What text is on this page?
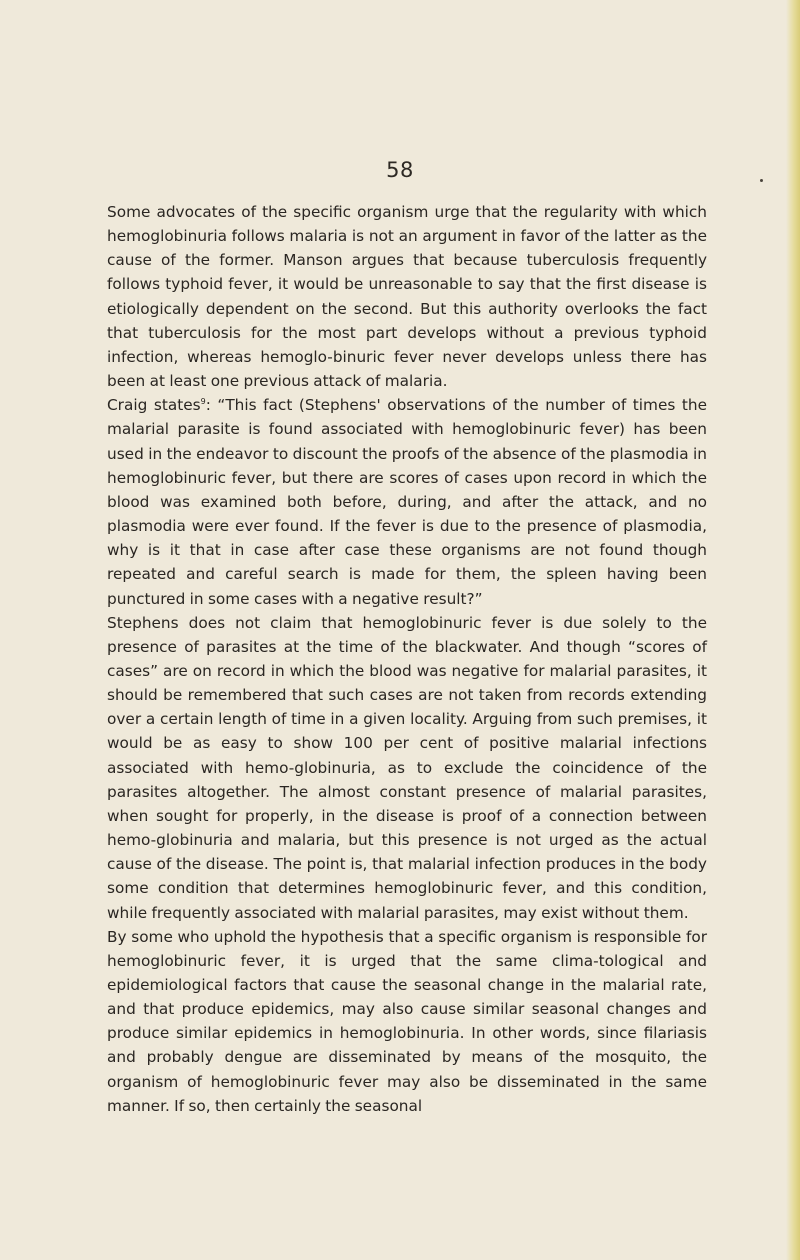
58

Some advocates of the specific organism urge that the regularity with which hemoglobinuria follows malaria is not an argument in favor of the latter as the cause of the former. Manson argues that because tuberculosis frequently follows typhoid fever, it would be unreasonable to say that the first disease is etiologically dependent on the second. But this authority overlooks the fact that tuberculosis for the most part develops without a previous typhoid infection, whereas hemoglo-binuric fever never develops unless there has been at least one previous attack of malaria.

Craig states$^9$: “This fact (Stephens' observations of the number of times the malarial parasite is found associated with hemoglobinuric fever) has been used in the endeavor to discount the proofs of the absence of the plasmodia in hemoglobinuric fever, but there are scores of cases upon record in which the blood was examined both before, during, and after the attack, and no plasmodia were ever found. If the fever is due to the presence of plasmodia, why is it that in case after case these organisms are not found though repeated and careful search is made for them, the spleen having been punctured in some cases with a negative result?”

Stephens does not claim that hemoglobinuric fever is due solely to the presence of parasites at the time of the blackwater. And though “scores of cases” are on record in which the blood was negative for malarial parasites, it should be remembered that such cases are not taken from records extending over a certain length of time in a given locality. Arguing from such premises, it would be as easy to show 100 per cent of positive malarial infections associated with hemo-globinuria, as to exclude the coincidence of the parasites altogether. The almost constant presence of malarial parasites, when sought for properly, in the disease is proof of a connection between hemo-globinuria and malaria, but this presence is not urged as the actual cause of the disease. The point is, that malarial infection produces in the body some condition that determines hemoglobinuric fever, and this condition, while frequently associated with malarial parasites, may exist without them.

By some who uphold the hypothesis that a specific organism is responsible for hemoglobinuric fever, it is urged that the same clima-tological and epidemiological factors that cause the seasonal change in the malarial rate, and that produce epidemics, may also cause similar seasonal changes and produce similar epidemics in hemoglobinuria. In other words, since filariasis and probably dengue are disseminated by means of the mosquito, the organism of hemoglobinuric fever may also be disseminated in the same manner. If so, then certainly the seasonal
